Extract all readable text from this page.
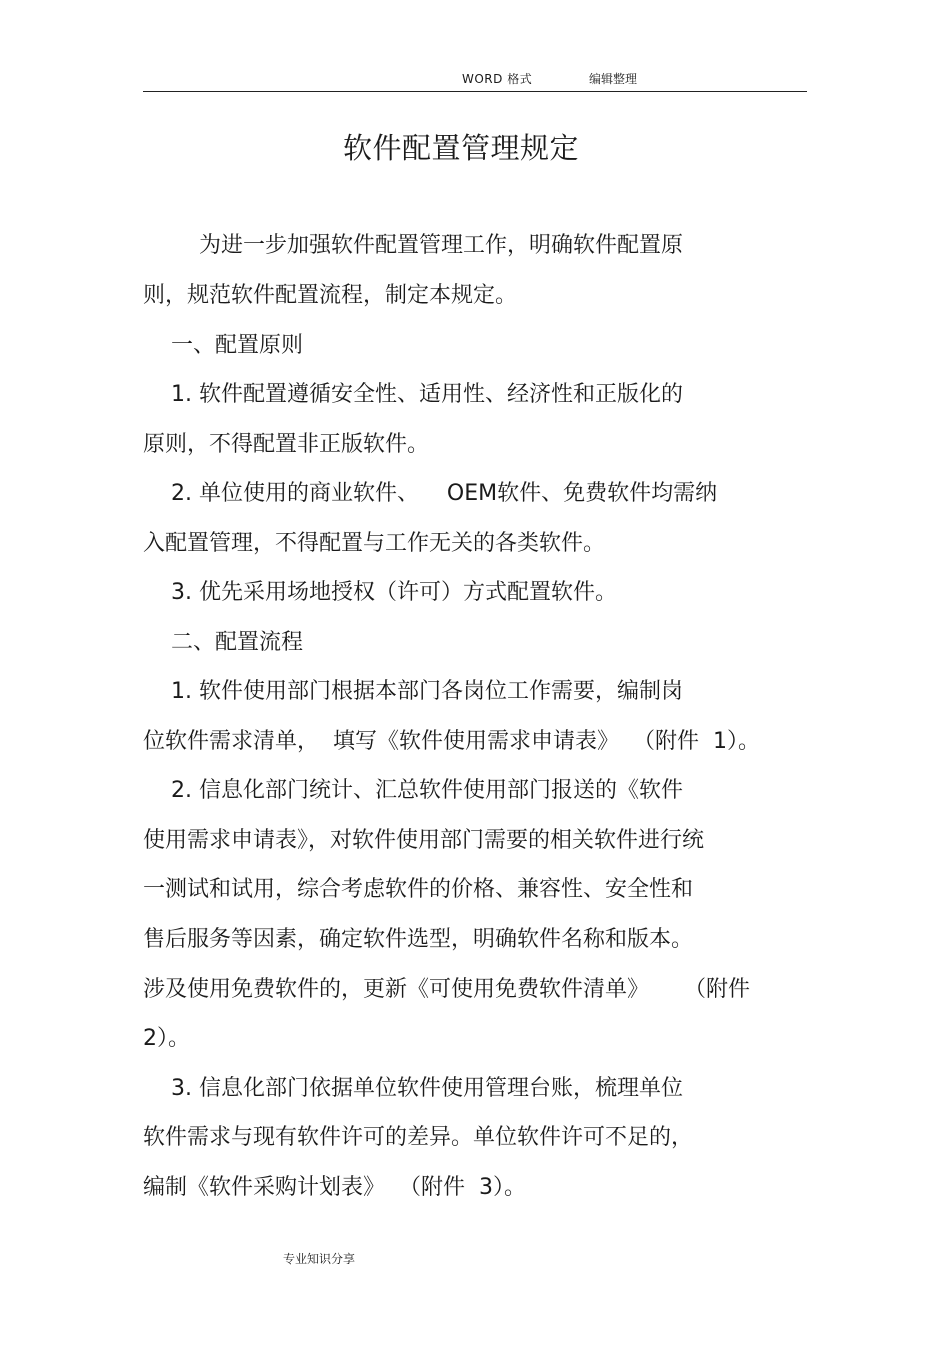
WORD 格式	编辑整理
软件配置管理规定
为进一步加强软件配置管理工作，明确软件配置原
则，规范软件配置流程，制定本规定。
一、配置原则
1. 软件配置遵循安全性、适用性、经济性和正版化的
原则，不得配置非正版软件。
2. 单位使用的商业软件、    OEM软件、免费软件均需纳
入配置管理，不得配置与工作无关的各类软件。
3. 优先采用场地授权（许可）方式配置软件。
二、配置流程
1. 软件使用部门根据本部门各岗位工作需要，编制岗
位软件需求清单，  填写《软件使用需求申请表》  （附件  1）。
2. 信息化部门统计、汇总软件使用部门报送的《软件
使用需求申请表》，对软件使用部门需要的相关软件进行统
一测试和试用，综合考虑软件的价格、兼容性、安全性和
售后服务等因素，确定软件选型，明确软件名称和版本。
涉及使用免费软件的，更新《可使用免费软件清单》     （附件
2）。
3. 信息化部门依据单位软件使用管理台账，梳理单位
软件需求与现有软件许可的差异。单位软件许可不足的，
编制《软件采购计划表》  （附件  3）。
专业知识分享
